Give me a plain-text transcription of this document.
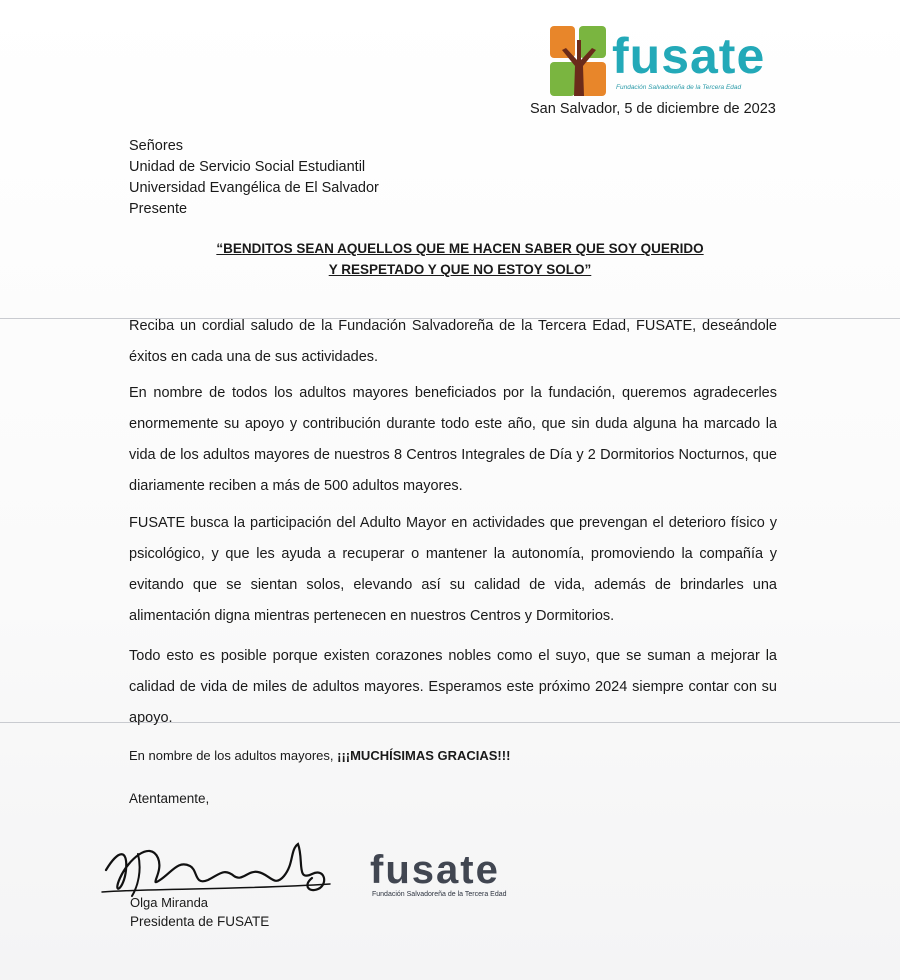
fusate
Fundación Salvadoreña de la Tercera Edad
San Salvador, 5 de diciembre de 2023
Señores
Unidad de Servicio Social Estudiantil
Universidad Evangélica de El Salvador
Presente
“BENDITOS SEAN AQUELLOS QUE ME HACEN SABER QUE SOY QUERIDO
Y RESPETADO Y QUE NO ESTOY SOLO”

Reciba un cordial saludo de la Fundación Salvadoreña de la Tercera Edad, FUSATE, deseándole éxitos en cada una de sus actividades.

En nombre de todos los adultos mayores beneficiados por la fundación, queremos agradecerles enormemente su apoyo y contribución durante todo este año, que sin duda alguna ha marcado la vida de los adultos mayores de nuestros 8 Centros Integrales de Día y 2 Dormitorios Nocturnos, que diariamente reciben a más de 500 adultos mayores.

FUSATE busca la participación del Adulto Mayor en actividades que prevengan el deterioro físico y psicológico, y que les ayuda a recuperar o mantener la autonomía, promoviendo la compañía y evitando que se sientan solos, elevando así su calidad de vida, además de brindarles una alimentación digna mientras pertenecen en nuestros Centros y Dormitorios.

Todo esto es posible porque existen corazones nobles como el suyo, que se suman a mejorar la calidad de vida de miles de adultos mayores. Esperamos este próximo 2024 siempre contar con su apoyo.

En nombre de los adultos mayores, ¡¡¡MUCHÍSIMAS GRACIAS!!!
Atentamente,
Olga Miranda
Presidenta de FUSATE
fusate
Fundación Salvadoreña de la Tercera Edad
